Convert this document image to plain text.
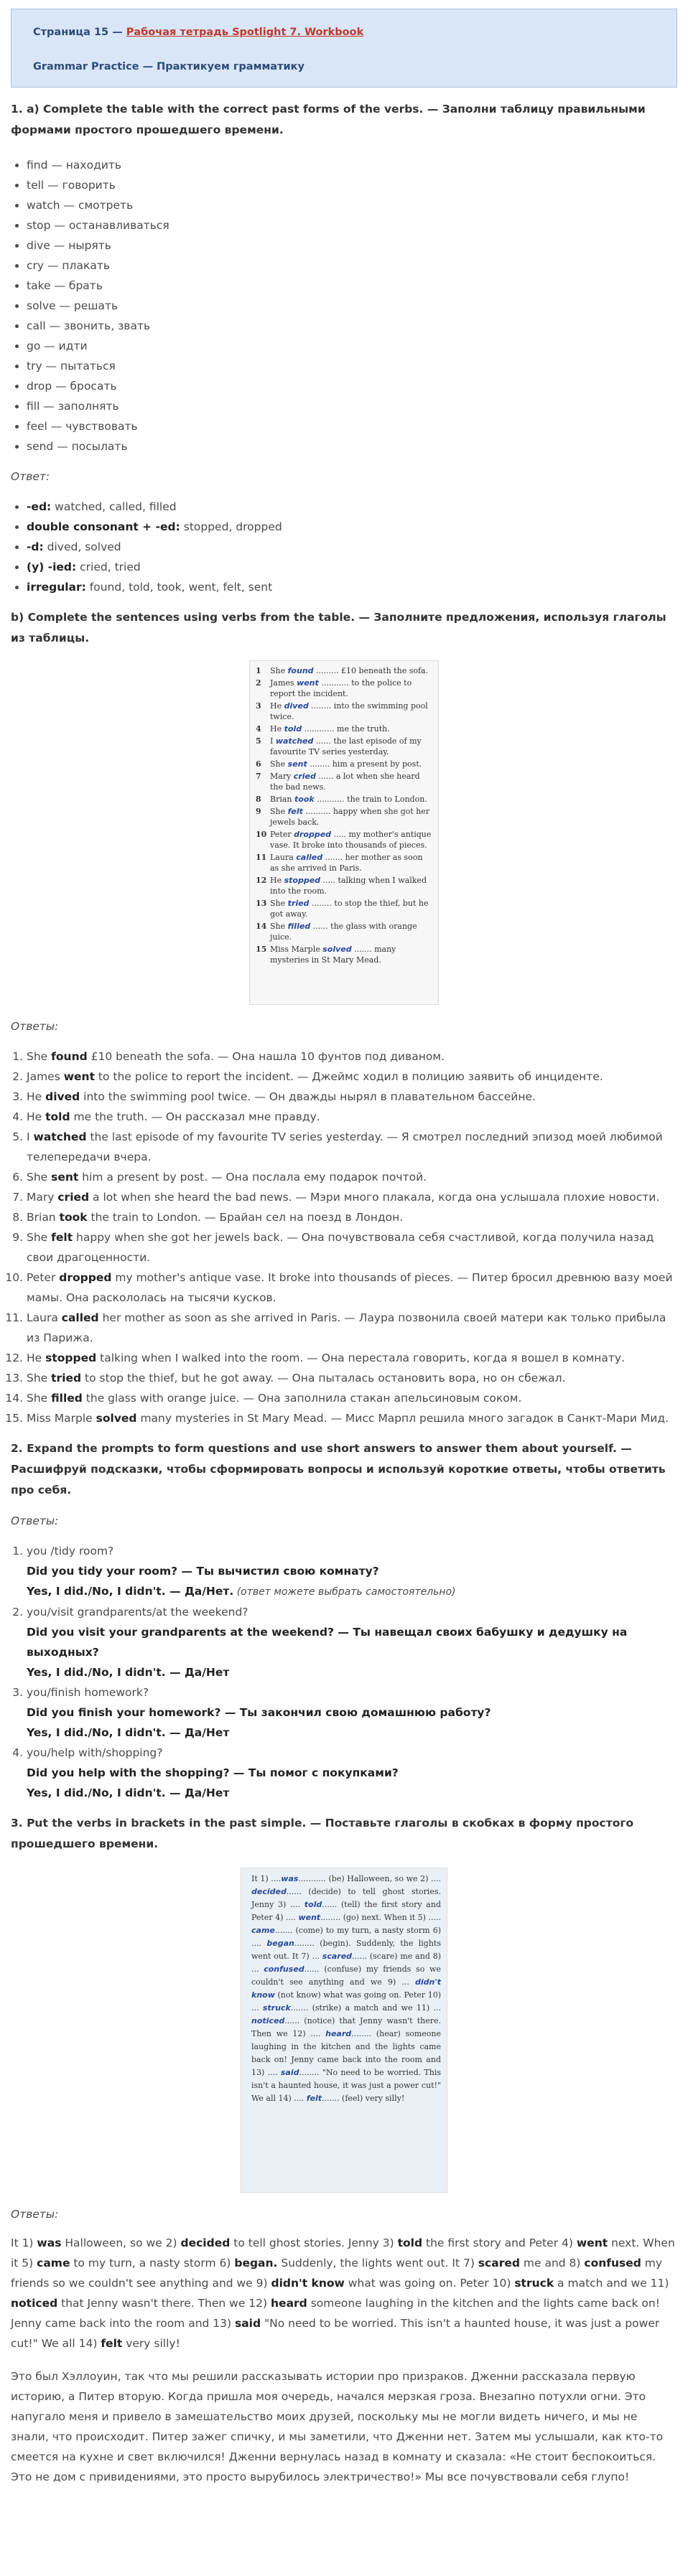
Страница 15 — Рабочая тетрадь Spotlight 7. Workbook

Grammar Practice — Практикуем грамматику

1. a) Complete the table with the correct past forms of the verbs. — Заполни таблицу правильными формами простого прошедшего времени.

• find — находить
• tell — говорить
• watch — смотреть
• stop — останавливаться
• dive — нырять
• cry — плакать
• take — брать
• solve — решать
• call — звонить, звать
• go — идти
• try — пытаться
• drop — бросать
• fill — заполнять
• feel — чувствовать
• send — посылать

Ответ:

• -ed: watched, called, filled
• double consonant + -ed: stopped, dropped
• -d: dived, solved
• (y) -ied: cried, tried
• irregular: found, told, took, went, felt, sent

b) Complete the sentences using verbs from the table. — Заполните предложения, используя глаголы из таблицы.

1	She found ......... £10 beneath the sofa.
2	James went ........... to the police to report the incident.
3	He dived ........ into the swimming pool twice.
4	He told ............ me the truth.
5	I watched ...... the last episode of my favourite TV series yesterday.
6	She sent ........ him a present by post.
7	Mary cried ...... a lot when she heard the bad news.
8	Brian took ........... the train to London.
9	She felt .......... happy when she got her jewels back.
10 Peter dropped ..... my mother's antique vase. It broke into thousands of pieces.
11 Laura called ....... her mother as soon as she arrived in Paris.
12 He stopped ..... talking when I walked into the room.
13 She tried ........ to stop the thief, but he got away.
14 She filled ...... the glass with orange juice.
15 Miss Marple solved ....... many mysteries in St Mary Mead.

Ответы:

1. She found £10 beneath the sofa. — Она нашла 10 фунтов под диваном.
2. James went to the police to report the incident. — Джеймс ходил в полицию заявить об инциденте.
3. He dived into the swimming pool twice. — Он дважды нырял в плавательном бассейне.
4. He told me the truth. — Он рассказал мне правду.
5. I watched the last episode of my favourite TV series yesterday. — Я смотрел последний эпизод моей любимой телепередачи вчера.
6. She sent him a present by post. — Она послала ему подарок почтой.
7. Mary cried a lot when she heard the bad news. — Мэри много плакала, когда она услышала плохие новости.
8. Brian took the train to London. — Брайан сел на поезд в Лондон.
9. She felt happy when she got her jewels back. — Она почувствовала себя счастливой, когда получила назад свои драгоценности.
10. Peter dropped my mother's antique vase. It broke into thousands of pieces. — Питер бросил древнюю вазу моей мамы. Она раскололась на тысячи кусков.
11. Laura called her mother as soon as she arrived in Paris. — Лаура позвонила своей матери как только прибыла из Парижа.
12. He stopped talking when I walked into the room. — Она перестала говорить, когда я вошел в комнату.
13. She tried to stop the thief, but he got away. — Она пыталась остановить вора, но он сбежал.
14. She filled the glass with orange juice. — Она заполнила стакан апельсиновым соком.
15. Miss Marple solved many mysteries in St Mary Mead. — Мисс Марпл решила много загадок в Санкт-Мари Мид.

2. Expand the prompts to form questions and use short answers to answer them about yourself. — Расшифруй подсказки, чтобы сформировать вопросы и используй короткие ответы, чтобы ответить про себя.

Ответы:

1. you /tidy room?
Did you tidy your room? — Ты вычистил свою комнату?
Yes, I did./No, I didn't. — Да/Нет. (ответ можете выбрать самостоятельно)
2. you/visit grandparents/at the weekend?
Did you visit your grandparents at the weekend? — Ты навещал своих бабушку и дедушку на выходных?
Yes, I did./No, I didn't. — Да/Нет
3. you/finish homework?
Did you finish your homework? — Ты закончил свою домашнюю работу?
Yes, I did./No, I didn't. — Да/Нет
4. you/help with/shopping?
Did you help with the shopping? — Ты помог с покупками?
Yes, I did./No, I didn't. — Да/Нет

3. Put the verbs in brackets in the past simple. — Поставьте глаголы в скобках в форму простого прошедшего времени.

It 1) ....was........... (be) Halloween, so we 2) .... decided...... (decide) to tell ghost stories. Jenny 3) .... told...... (tell) the first story and Peter 4) .... went........ (go) next. When it 5) ..... came....... (come) to my turn, a nasty storm 6) .... began........ (begin). Suddenly, the lights went out. It 7) ... scared...... (scare) me and 8) ... confused...... (confuse) my friends so we couldn't see anything and we 9) ... didn't know (not know) what was going on. Peter 10) ... struck....... (strike) a match and we 11) ... noticed...... (notice) that Jenny wasn't there. Then we 12) .... heard........ (hear) someone laughing in the kitchen and the lights came back on! Jenny came back into the room and 13) .... said........ "No need to be worried. This isn't a haunted house, it was just a power cut!" We all 14) .... felt....... (feel) very silly!

Ответы:

It 1) was Halloween, so we 2) decided to tell ghost stories. Jenny 3) told the first story and Peter 4) went next. When it 5) came to my turn, a nasty storm 6) began. Suddenly, the lights went out. It 7) scared me and 8) confused my friends so we couldn't see anything and we 9) didn't know what was going on. Peter 10) struck a match and we 11) noticed that Jenny wasn't there. Then we 12) heard someone laughing in the kitchen and the lights came back on! Jenny came back into the room and 13) said "No need to be worried. This isn't a haunted house, it was just a power cut!" We all 14) felt very silly!

Это был Хэллоуин, так что мы решили рассказывать истории про призраков. Дженни рассказала первую историю, а Питер вторую. Когда пришла моя очередь, начался мерзкая гроза. Внезапно потухли огни. Это напугало меня и привело в замешательство моих друзей, поскольку мы не могли видеть ничего, и мы не знали, что происходит. Питер зажег спичку, и мы заметили, что Дженни нет. Затем мы услышали, как кто-то смеется на кухне и свет включился! Дженни вернулась назад в комнату и сказала: «Не стоит беспокоиться. Это не дом с привидениями, это просто вырубилось электричество!» Мы все почувствовали себя глупо!
